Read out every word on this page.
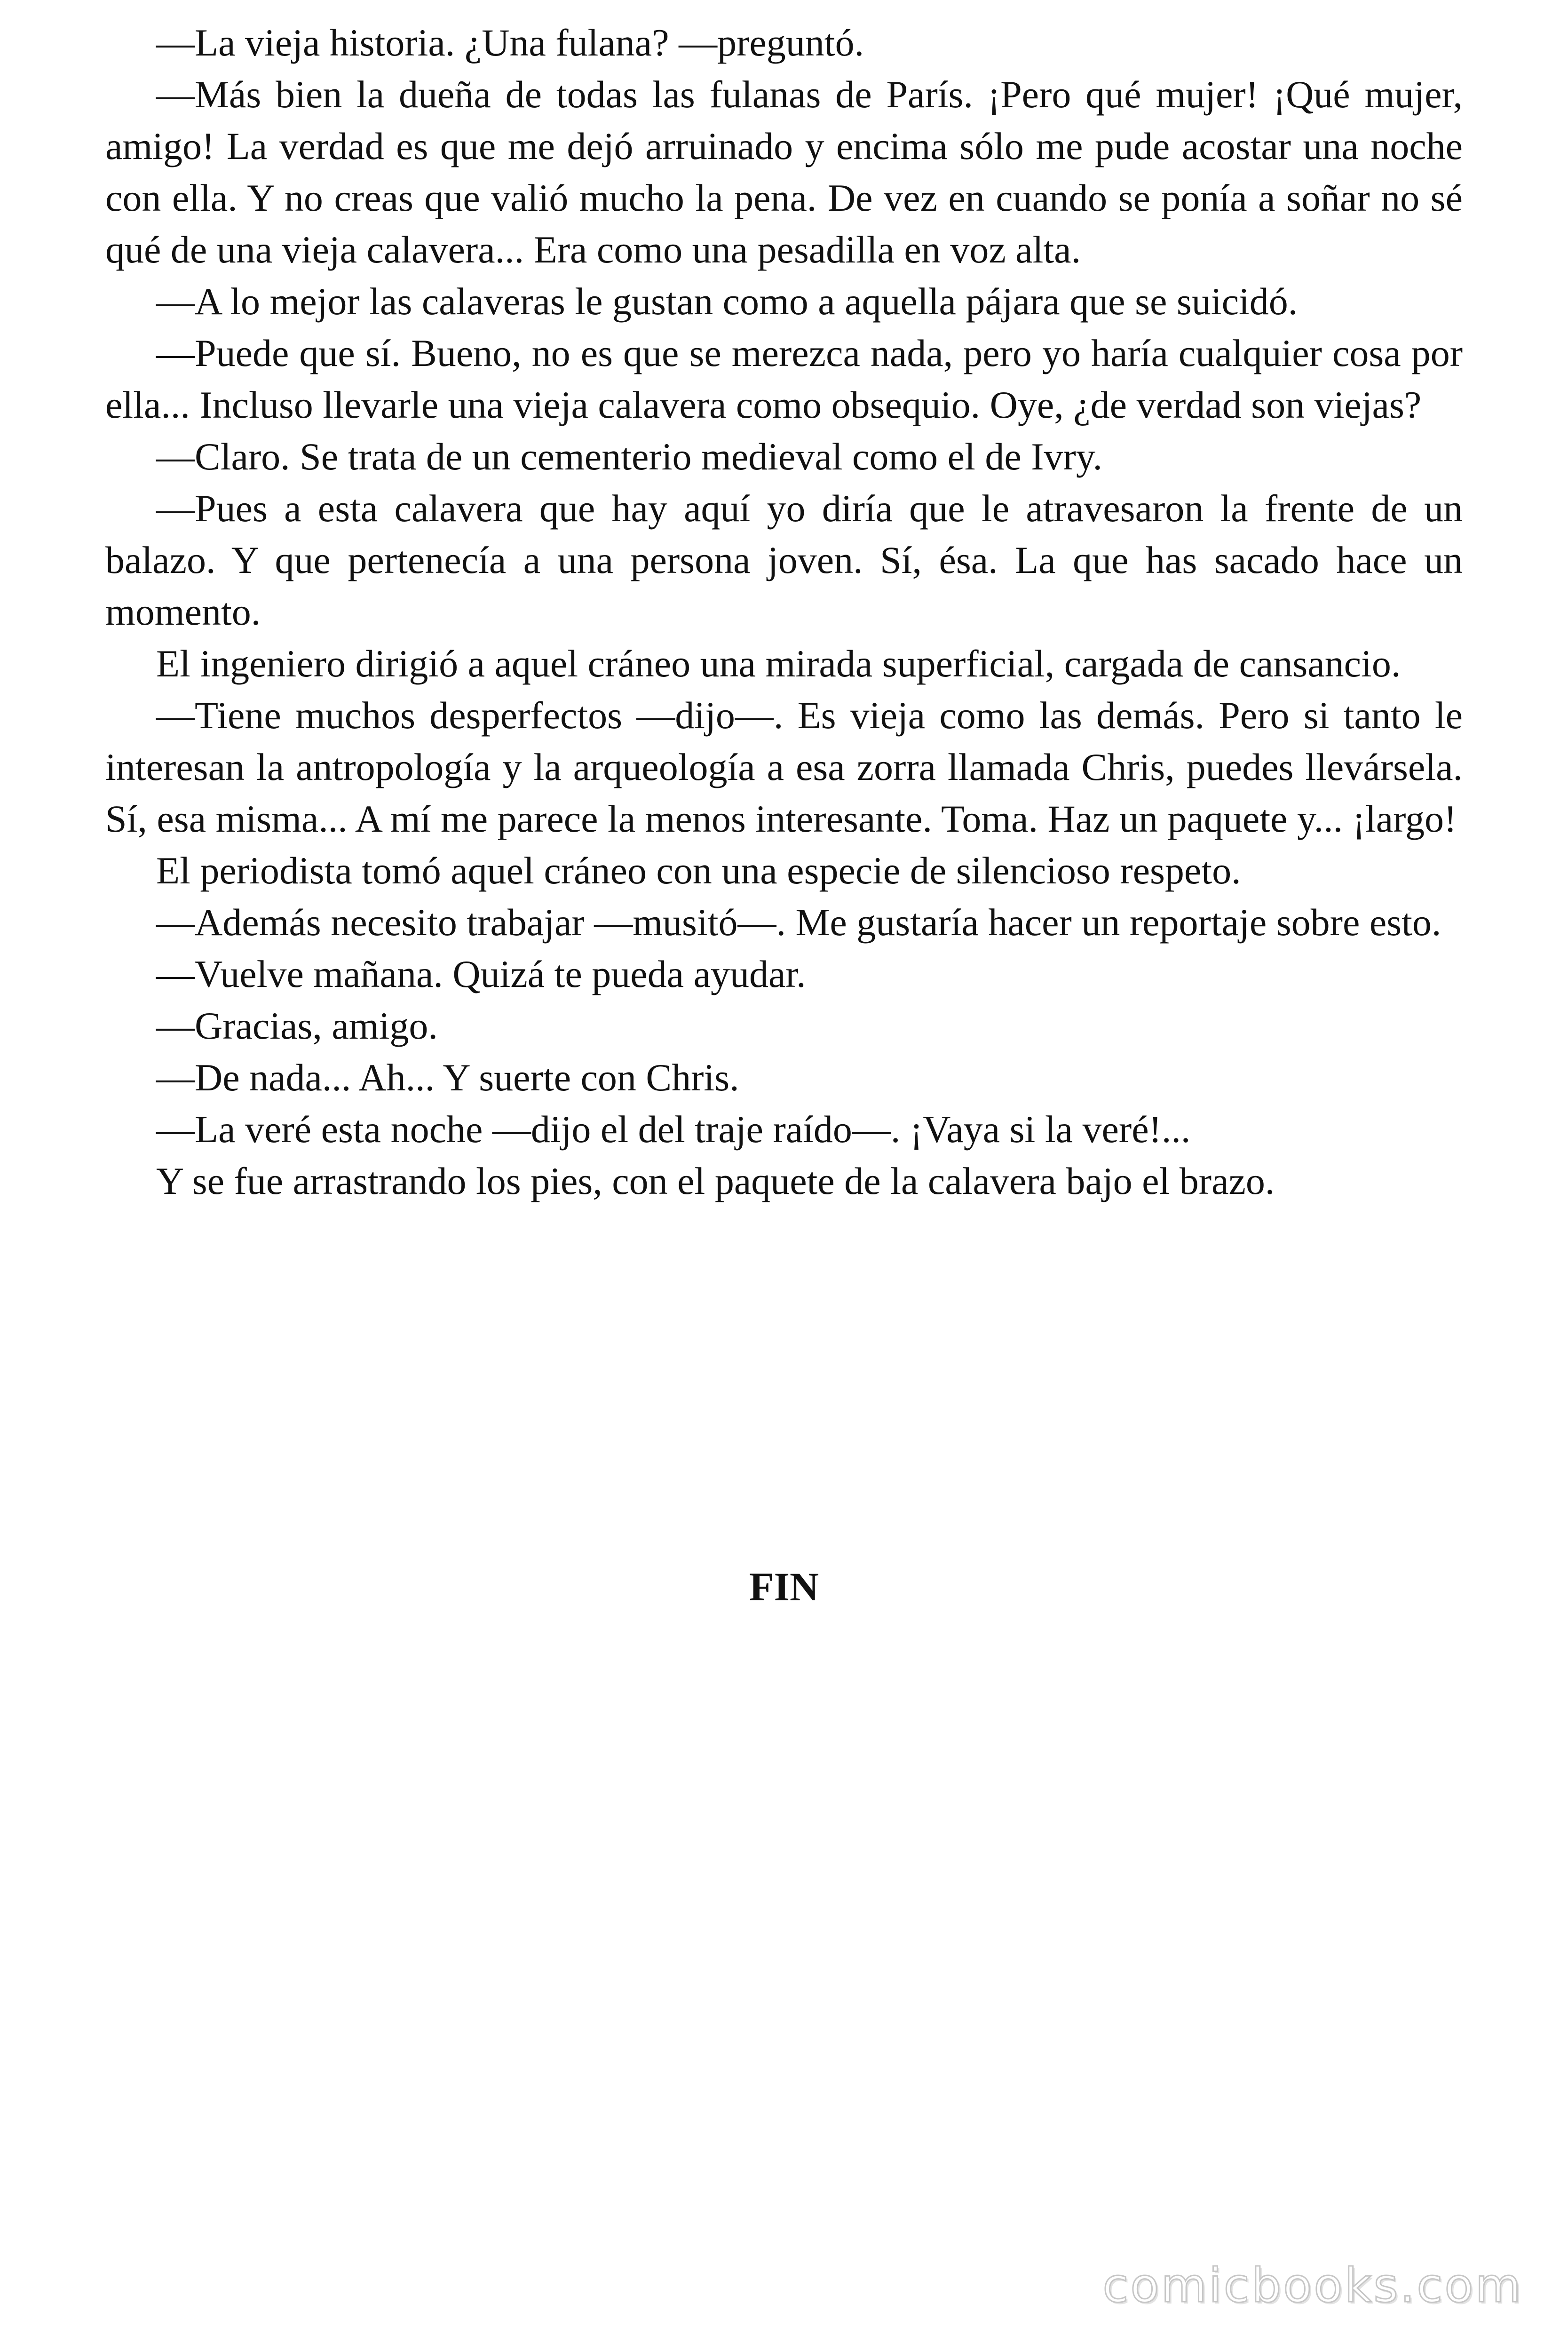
—La vieja historia. ¿Una fulana? —preguntó.

—Más bien la dueña de todas las fulanas de París. ¡Pero qué mujer! ¡Qué mujer, amigo! La verdad es que me dejó arruinado y encima sólo me pude acostar una noche con ella. Y no creas que valió mucho la pena. De vez en cuando se ponía a soñar no sé qué de una vieja calavera... Era como una pesadilla en voz alta.

—A lo mejor las calaveras le gustan como a aquella pájara que se suicidó.

—Puede que sí. Bueno, no es que se merezca nada, pero yo haría cualquier cosa por ella... Incluso llevarle una vieja calavera como obsequio. Oye, ¿de verdad son viejas?

—Claro. Se trata de un cementerio medieval como el de Ivry.

—Pues a esta calavera que hay aquí yo diría que le atravesaron la frente de un balazo. Y que pertenecía a una persona joven. Sí, ésa. La que has sacado hace un momento.

El ingeniero dirigió a aquel cráneo una mirada superficial, cargada de cansancio.

—Tiene muchos desperfectos —dijo—. Es vieja como las demás. Pero si tanto le interesan la antropología y la arqueología a esa zorra llamada Chris, puedes llevársela. Sí, esa misma... A mí me parece la menos interesante. Toma. Haz un paquete y... ¡largo!

El periodista tomó aquel cráneo con una especie de silencioso respeto.

—Además necesito trabajar —musitó—. Me gustaría hacer un reportaje sobre esto.

—Vuelve mañana. Quizá te pueda ayudar.

—Gracias, amigo.

—De nada... Ah... Y suerte con Chris.

—La veré esta noche —dijo el del traje raído—. ¡Vaya si la veré!...

Y se fue arrastrando los pies, con el paquete de la calavera bajo el brazo.

FIN

comicbooks.com
